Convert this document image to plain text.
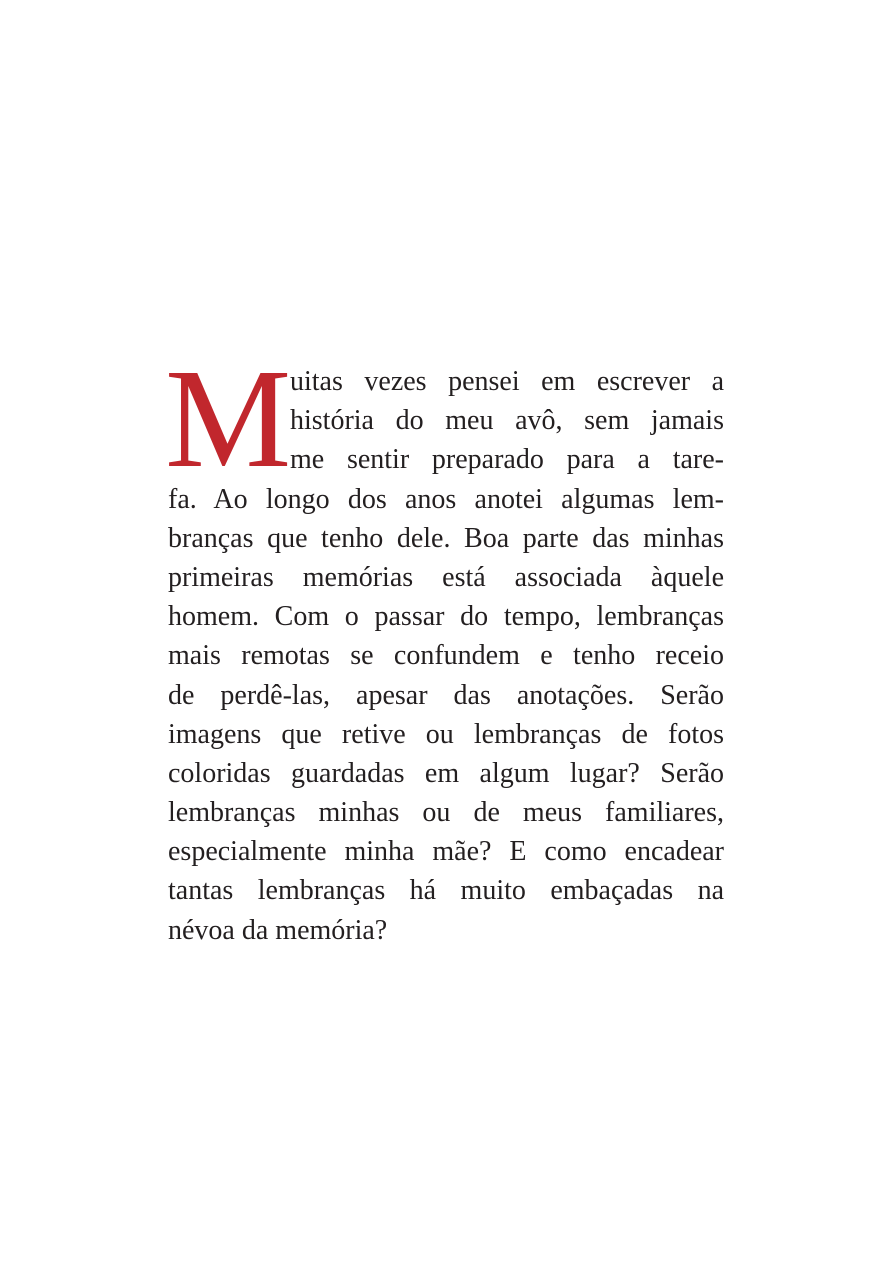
M
uitas vezes pensei em escrever a
história do meu avô, sem jamais
me sentir preparado para a tare-
fa. Ao longo dos anos anotei algumas lem-
branças que tenho dele. Boa parte das minhas
primeiras memórias está associada àquele
homem. Com o passar do tempo, lembranças
mais remotas se confundem e tenho receio
de perdê-las, apesar das anotações. Serão
imagens que retive ou lembranças de fotos
coloridas guardadas em algum lugar? Serão
lembranças minhas ou de meus familiares,
especialmente minha mãe? E como encadear
tantas lembranças há muito embaçadas na
névoa da memória?
